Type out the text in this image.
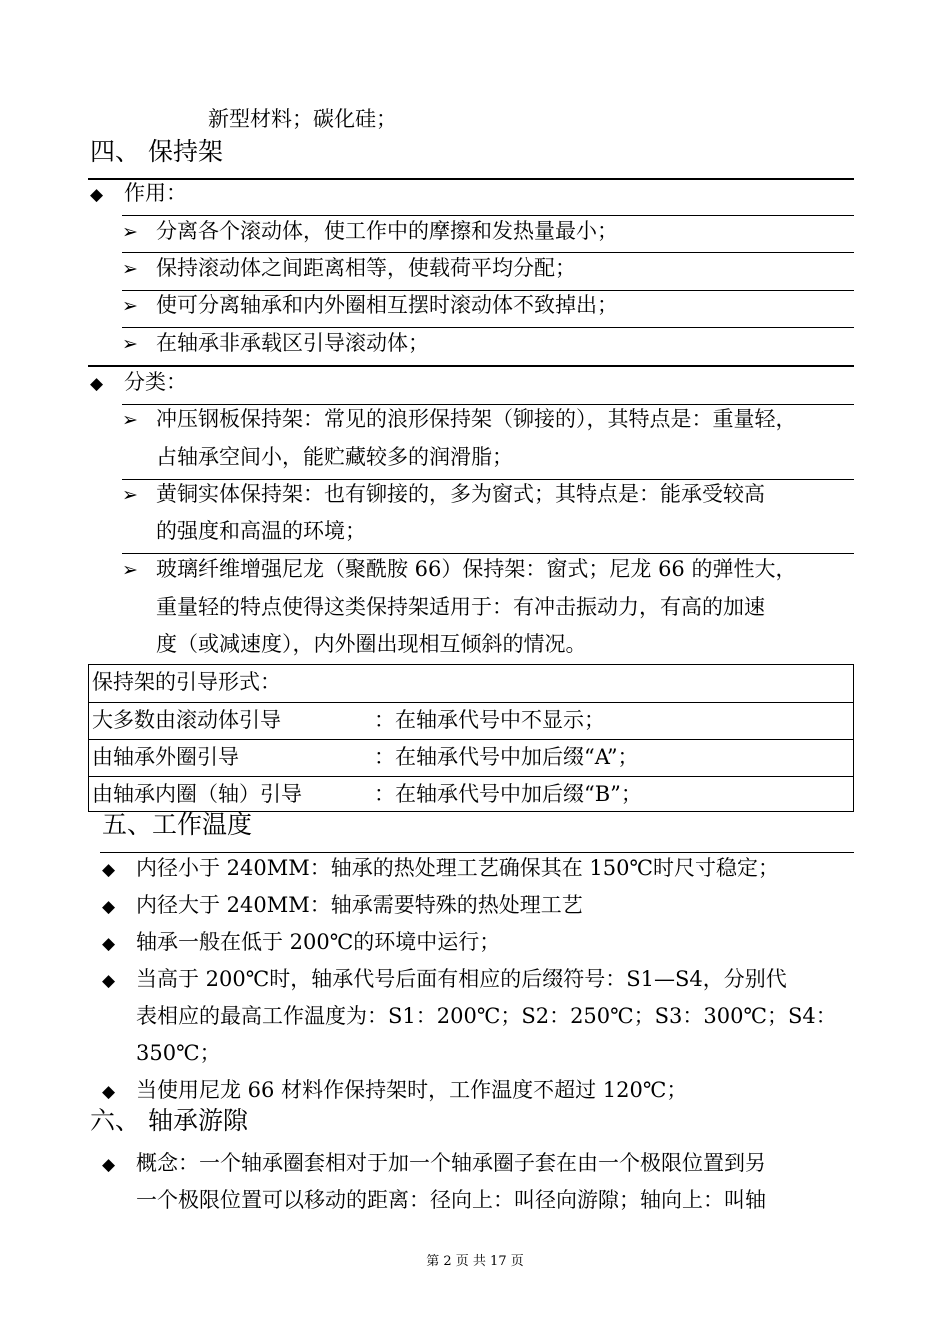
新型材料；碳化硅；
四、 保持架
◆ 作用：
➢ 分离各个滚动体，使工作中的摩擦和发热量最小；
➢ 保持滚动体之间距离相等，使载荷平均分配；
➢ 使可分离轴承和内外圈相互摆时滚动体不致掉出；
➢ 在轴承非承载区引导滚动体；
◆ 分类：
➢ 冲压钢板保持架：常见的浪形保持架（铆接的），其特点是：重量轻，
占轴承空间小，能贮藏较多的润滑脂；
➢ 黄铜实体保持架：也有铆接的，多为窗式；其特点是：能承受较高
的强度和高温的环境；
➢ 玻璃纤维增强尼龙（聚酰胺 66）保持架：窗式；尼龙 66 的弹性大，
重量轻的特点使得这类保持架适用于：有冲击振动力，有高的加速
度（或减速度），内外圈出现相互倾斜的情况。
保持架的引导形式：
大多数由滚动体引导	：在轴承代号中不显示；
由轴承外圈引导	：在轴承代号中加后缀“A”；
由轴承内圈（轴）引导	：在轴承代号中加后缀“B”；
五、工作温度
◆ 内径小于 240MM：轴承的热处理工艺确保其在 150℃时尺寸稳定；
◆ 内径大于 240MM：轴承需要特殊的热处理工艺
◆ 轴承一般在低于 200℃的环境中运行；
◆ 当高于 200℃时，轴承代号后面有相应的后缀符号：S1—S4，分别代
表相应的最高工作温度为：S1：200℃；S2：250℃；S3：300℃；S4：
350℃；
◆ 当使用尼龙 66 材料作保持架时，工作温度不超过 120℃；
六、 轴承游隙
◆ 概念：一个轴承圈套相对于加一个轴承圈子套在由一个极限位置到另
一个极限位置可以移动的距离：径向上：叫径向游隙；轴向上：叫轴
第 2 页 共 17 页
